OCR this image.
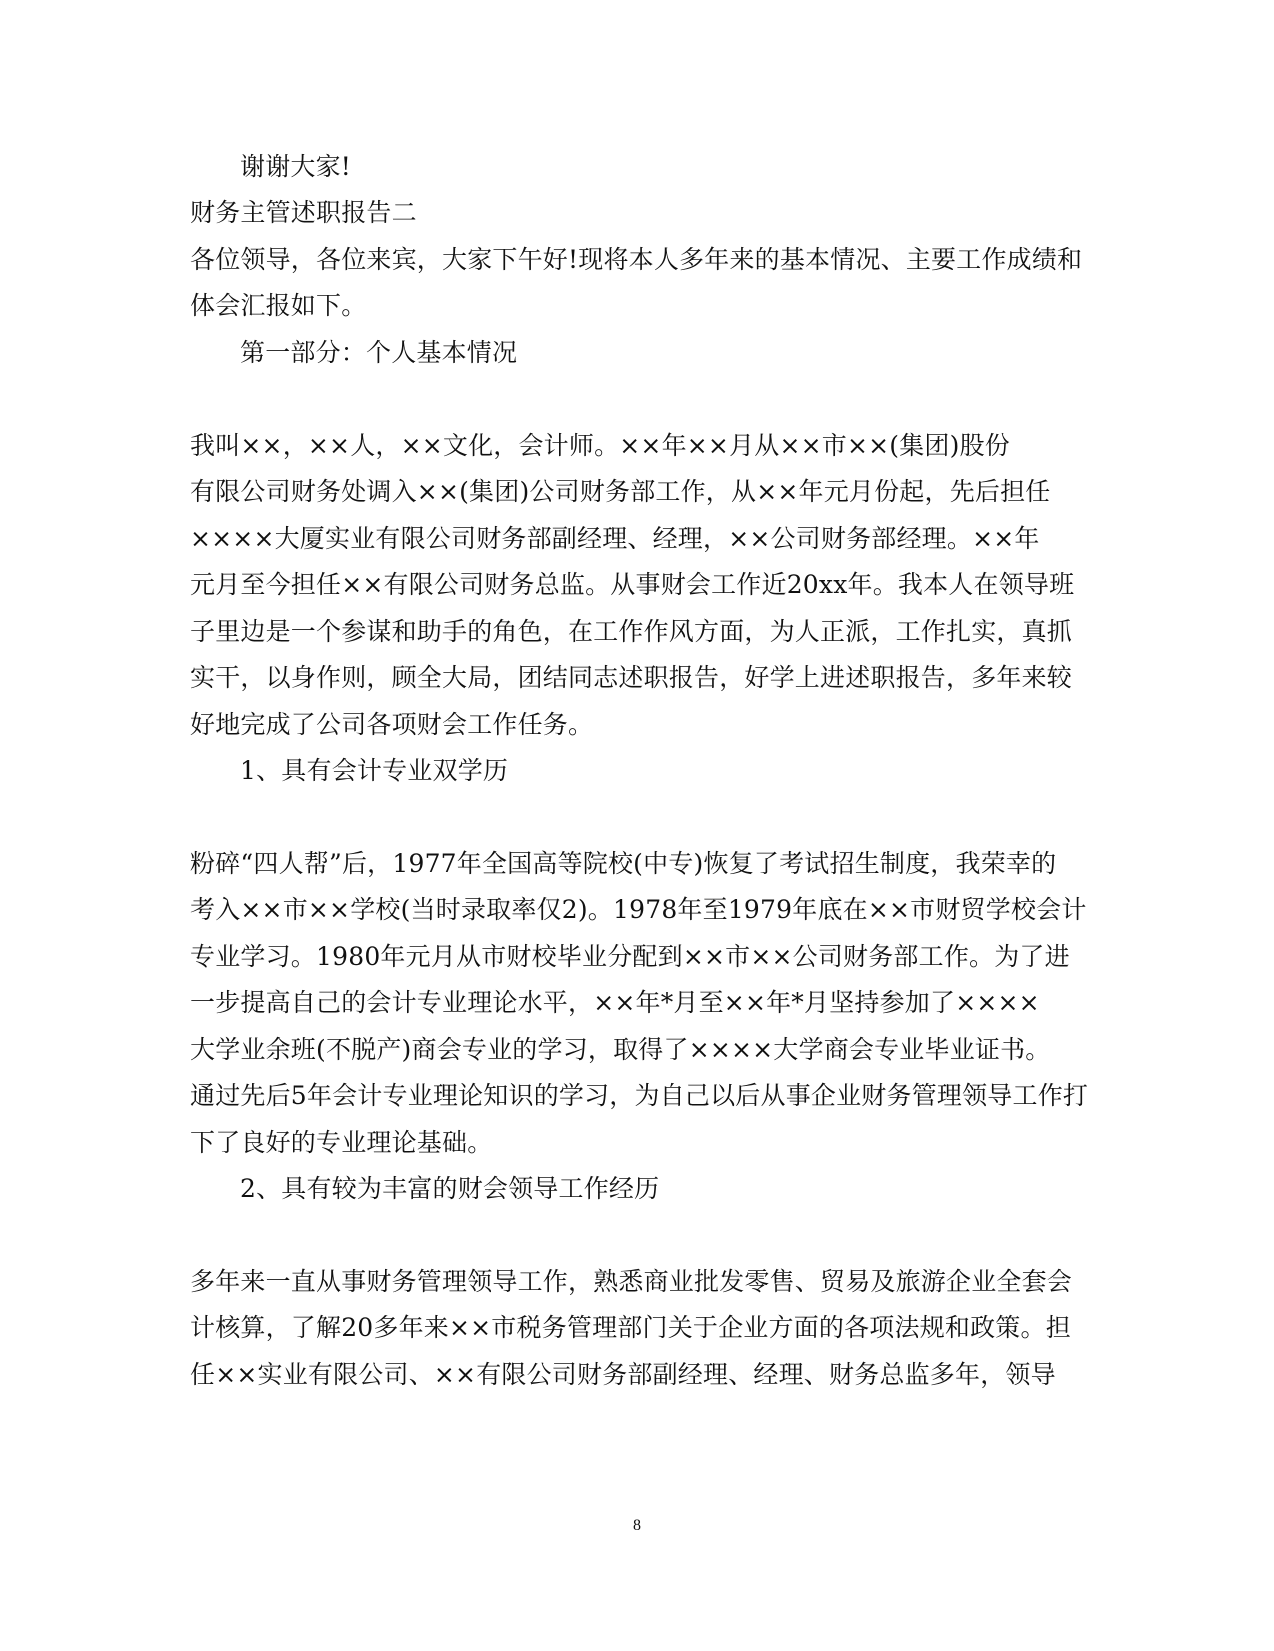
谢谢大家!
财务主管述职报告二
各位领导，各位来宾，大家下午好!现将本人多年来的基本情况、主要工作成绩和
体会汇报如下。
第一部分：个人基本情况
我叫××，××人，××文化，会计师。××年××月从××市××(集团)股份
有限公司财务处调入××(集团)公司财务部工作，从××年元月份起，先后担任
××××大厦实业有限公司财务部副经理、经理，××公司财务部经理。××年
元月至今担任××有限公司财务总监。从事财会工作近20xx年。我本人在领导班
子里边是一个参谋和助手的角色，在工作作风方面，为人正派，工作扎实，真抓
实干，以身作则，顾全大局，团结同志述职报告，好学上进述职报告，多年来较
好地完成了公司各项财会工作任务。
1、具有会计专业双学历
粉碎“四人帮”后，1977年全国高等院校(中专)恢复了考试招生制度，我荣幸的
考入××市××学校(当时录取率仅2)。1978年至1979年底在××市财贸学校会计
专业学习。1980年元月从市财校毕业分配到××市××公司财务部工作。为了进
一步提高自己的会计专业理论水平，××年*月至××年*月坚持参加了××××
大学业余班(不脱产)商会专业的学习，取得了××××大学商会专业毕业证书。
通过先后5年会计专业理论知识的学习，为自己以后从事企业财务管理领导工作打
下了良好的专业理论基础。
2、具有较为丰富的财会领导工作经历
多年来一直从事财务管理领导工作，熟悉商业批发零售、贸易及旅游企业全套会
计核算，了解20多年来××市税务管理部门关于企业方面的各项法规和政策。担
任××实业有限公司、××有限公司财务部副经理、经理、财务总监多年，领导
8
